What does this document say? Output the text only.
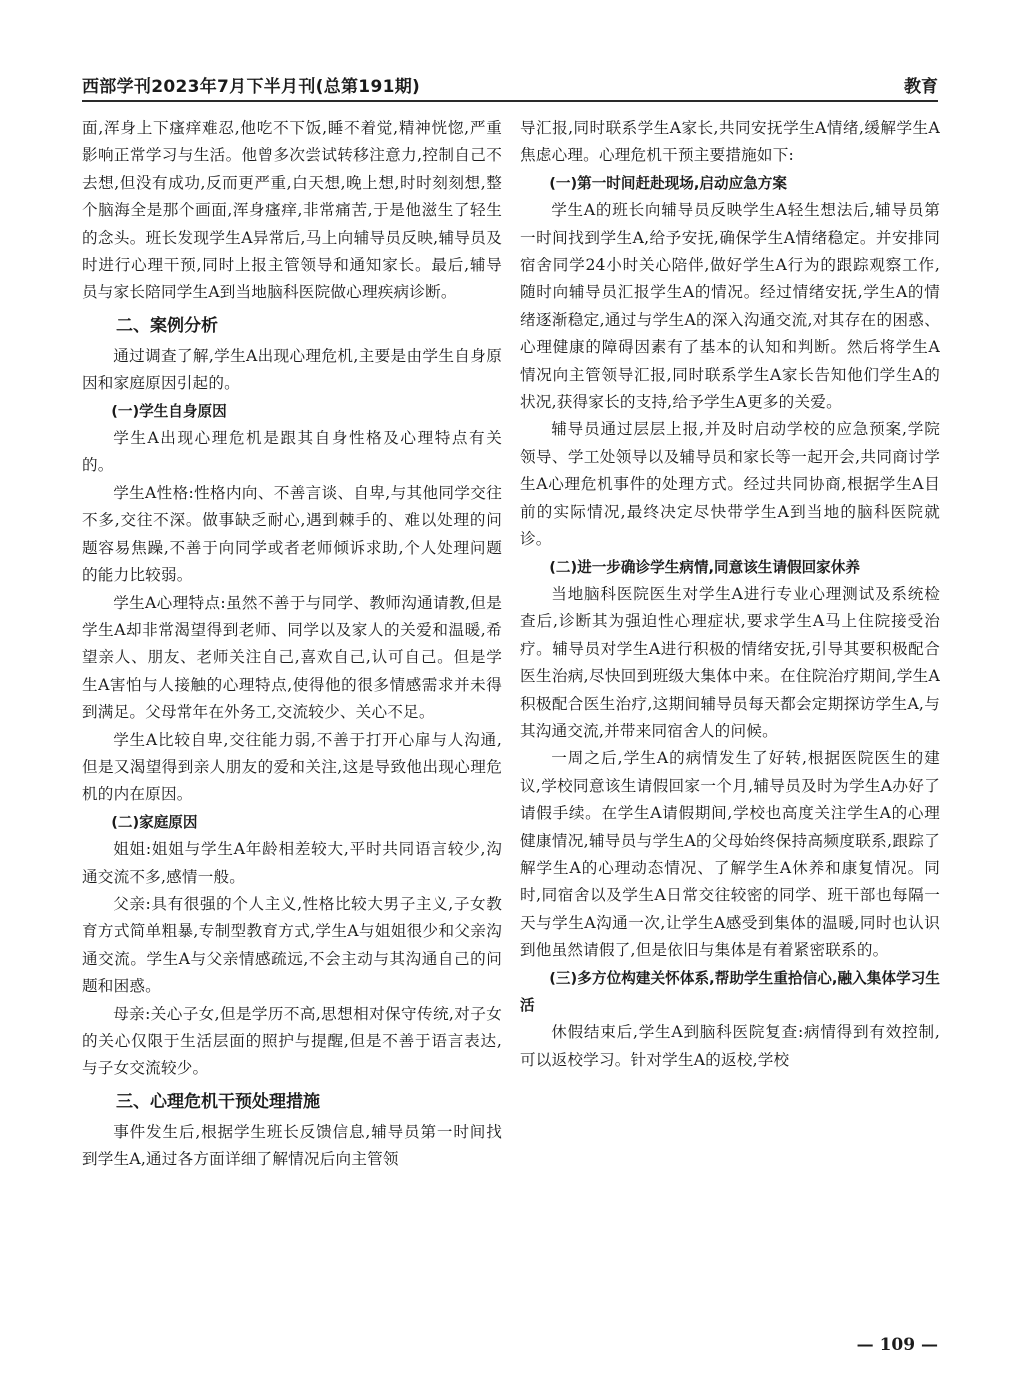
西部学刊2023年7月下半月刊(总第191期)	教育
面,浑身上下瘙痒难忍,他吃不下饭,睡不着觉,精神恍惚,严重影响正常学习与生活。他曾多次尝试转移注意力,控制自己不去想,但没有成功,反而更严重,白天想,晚上想,时时刻刻想,整个脑海全是那个画面,浑身瘙痒,非常痛苦,于是他滋生了轻生的念头。班长发现学生A异常后,马上向辅导员反映,辅导员及时进行心理干预,同时上报主管领导和通知家长。最后,辅导员与家长陪同学生A到当地脑科医院做心理疾病诊断。
二、案例分析
通过调查了解,学生A出现心理危机,主要是由学生自身原因和家庭原因引起的。
(一)学生自身原因
学生A出现心理危机是跟其自身性格及心理特点有关的。
学生A性格:性格内向、不善言谈、自卑,与其他同学交往不多,交往不深。做事缺乏耐心,遇到棘手的、难以处理的问题容易焦躁,不善于向同学或者老师倾诉求助,个人处理问题的能力比较弱。
学生A心理特点:虽然不善于与同学、教师沟通请教,但是学生A却非常渴望得到老师、同学以及家人的关爱和温暖,希望亲人、朋友、老师关注自己,喜欢自己,认可自己。但是学生A害怕与人接触的心理特点,使得他的很多情感需求并未得到满足。父母常年在外务工,交流较少、关心不足。
学生A比较自卑,交往能力弱,不善于打开心扉与人沟通,但是又渴望得到亲人朋友的爱和关注,这是导致他出现心理危机的内在原因。
(二)家庭原因
姐姐:姐姐与学生A年龄相差较大,平时共同语言较少,沟通交流不多,感情一般。
父亲:具有很强的个人主义,性格比较大男子主义,子女教育方式简单粗暴,专制型教育方式,学生A与姐姐很少和父亲沟通交流。学生A与父亲情感疏远,不会主动与其沟通自己的问题和困惑。
母亲:关心子女,但是学历不高,思想相对保守传统,对子女的关心仅限于生活层面的照护与提醒,但是不善于语言表达,与子女交流较少。
三、心理危机干预处理措施
事件发生后,根据学生班长反馈信息,辅导员第一时间找到学生A,通过各方面详细了解情况后向主管领
导汇报,同时联系学生A家长,共同安抚学生A情绪,缓解学生A焦虑心理。心理危机干预主要措施如下:
(一)第一时间赶赴现场,启动应急方案
学生A的班长向辅导员反映学生A轻生想法后,辅导员第一时间找到学生A,给予安抚,确保学生A情绪稳定。并安排同宿舍同学24小时关心陪伴,做好学生A行为的跟踪观察工作,随时向辅导员汇报学生A的情况。经过情绪安抚,学生A的情绪逐渐稳定,通过与学生A的深入沟通交流,对其存在的困惑、心理健康的障碍因素有了基本的认知和判断。然后将学生A情况向主管领导汇报,同时联系学生A家长告知他们学生A的状况,获得家长的支持,给予学生A更多的关爱。
辅导员通过层层上报,并及时启动学校的应急预案,学院领导、学工处领导以及辅导员和家长等一起开会,共同商讨学生A心理危机事件的处理方式。经过共同协商,根据学生A目前的实际情况,最终决定尽快带学生A到当地的脑科医院就诊。
(二)进一步确诊学生病情,同意该生请假回家休养
当地脑科医院医生对学生A进行专业心理测试及系统检查后,诊断其为强迫性心理症状,要求学生A马上住院接受治疗。辅导员对学生A进行积极的情绪安抚,引导其要积极配合医生治病,尽快回到班级大集体中来。在住院治疗期间,学生A积极配合医生治疗,这期间辅导员每天都会定期探访学生A,与其沟通交流,并带来同宿舍人的问候。
一周之后,学生A的病情发生了好转,根据医院医生的建议,学校同意该生请假回家一个月,辅导员及时为学生A办好了请假手续。在学生A请假期间,学校也高度关注学生A的心理健康情况,辅导员与学生A的父母始终保持高频度联系,跟踪了解学生A的心理动态情况、了解学生A休养和康复情况。同时,同宿舍以及学生A日常交往较密的同学、班干部也每隔一天与学生A沟通一次,让学生A感受到集体的温暖,同时也认识到他虽然请假了,但是依旧与集体是有着紧密联系的。
(三)多方位构建关怀体系,帮助学生重拾信心,融入集体学习生活
休假结束后,学生A到脑科医院复查:病情得到有效控制,可以返校学习。针对学生A的返校,学校
— 109 —
